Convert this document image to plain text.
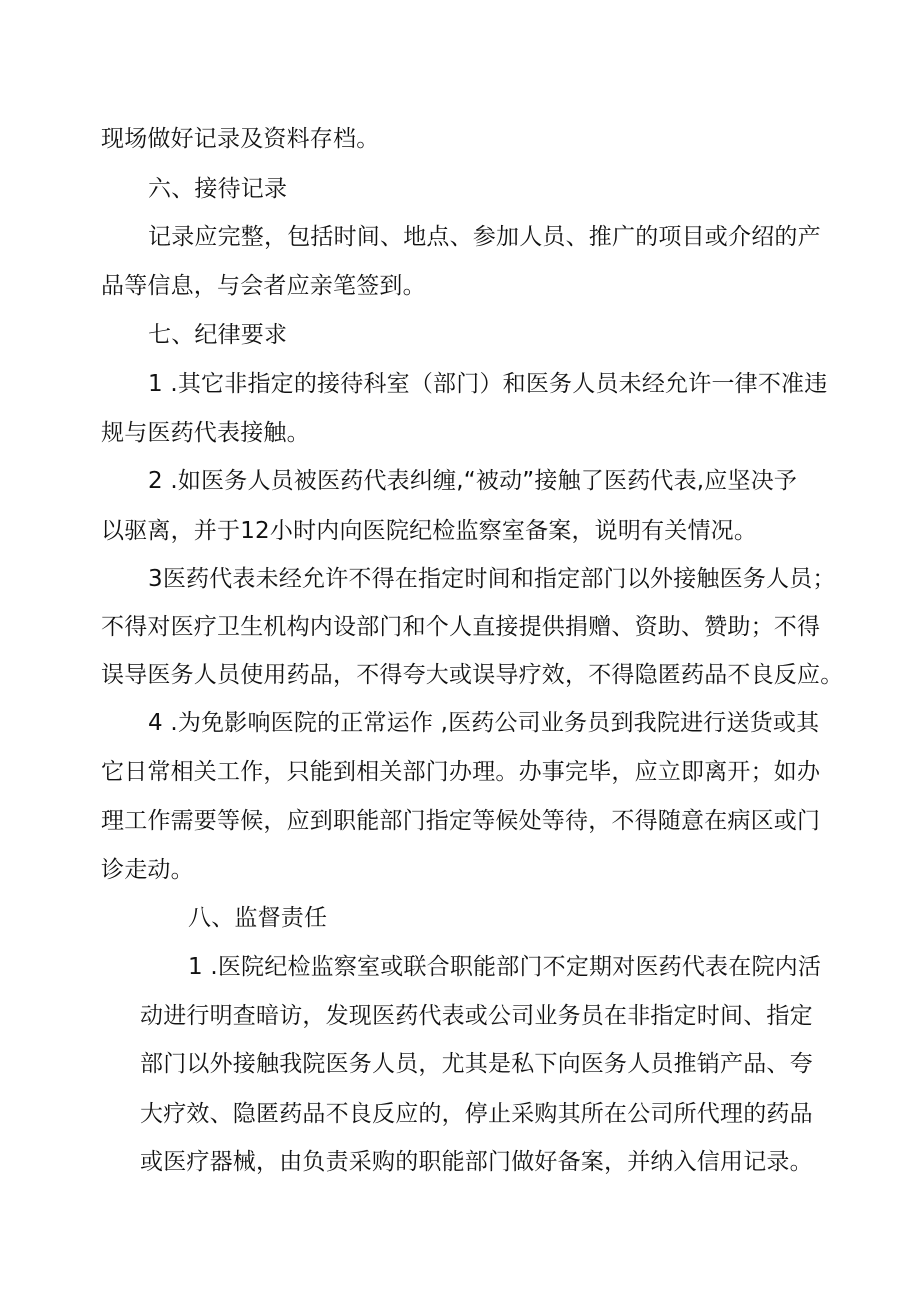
现场做好记录及资料存档。
六、接待记录
记录应完整，包括时间、地点、参加人员、推广的项目或介绍的产
品等信息，与会者应亲笔签到。
七、纪律要求
1 .其它非指定的接待科室（部门）和医务人员未经允许一律不准违
规与医药代表接触。
2 .如医务人员被医药代表纠缠,“被动”接触了医药代表,应坚决予
以驱离，并于12小时内向医院纪检监察室备案，说明有关情况。
3医药代表未经允许不得在指定时间和指定部门以外接触医务人员；
不得对医疗卫生机构内设部门和个人直接提供捐赠、资助、赞助；不得
误导医务人员使用药品，不得夸大或误导疗效，不得隐匿药品不良反应。
4 .为免影响医院的正常运作 ,医药公司业务员到我院进行送货或其
它日常相关工作，只能到相关部门办理。办事完毕，应立即离开；如办
理工作需要等候，应到职能部门指定等候处等待，不得随意在病区或门
诊走动。
八、监督责任
1 .医院纪检监察室或联合职能部门不定期对医药代表在院内活
动进行明查暗访，发现医药代表或公司业务员在非指定时间、指定
部门以外接触我院医务人员，尤其是私下向医务人员推销产品、夸
大疗效、隐匿药品不良反应的，停止采购其所在公司所代理的药品
或医疗器械，由负责采购的职能部门做好备案，并纳入信用记录。
